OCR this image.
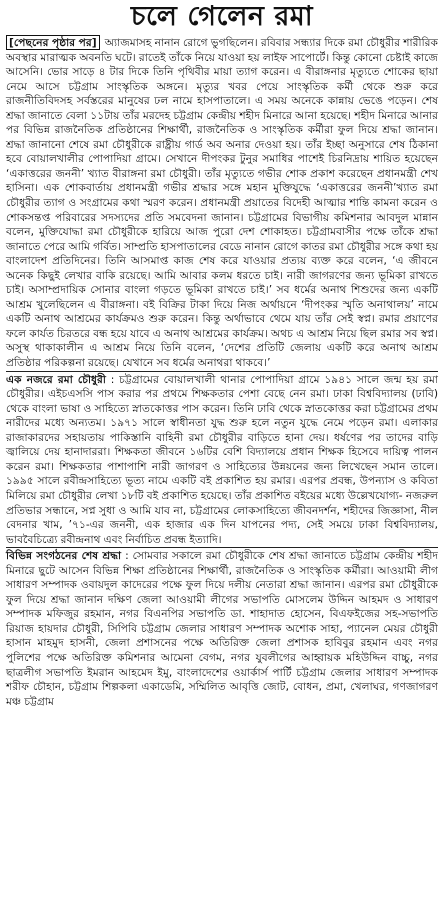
চলে গেলেন রমা

[পেছনের পৃষ্ঠার পর] অ্যাজমাসহ নানান রোগে ভুগছিলেন। রবিবার সন্ধ্যার দিকে রমা চৌধুরীর শারীরিক অবস্থার মারাত্মক অবনতি ঘটে। রাতেই তাঁকে নিয়ে যাওয়া হয় লাইফ সাপোর্টে। কিন্তু কোনো চেষ্টাই কাজে আসেনি। ভোর সাড়ে ৪ টার দিকে তিনি পৃথিবীর মায়া ত্যাগ করেন। এ বীরাঙ্গনার মৃত্যুতে শোকের ছায়া নেমে আসে চট্টগ্রাম সাংস্কৃতিক অঙ্গনে। মৃত্যুর খবর পেয়ে সাংস্কৃতিক কর্মী থেকে শুরু করে রাজনীতিবিদসহ সর্বস্তরের মানুষের ঢল নামে হাসপাতালে। এ সময় অনেকে কান্নায় ভেঙে পড়েন। শেষ শ্রদ্ধা জানাতে বেলা ১১টায় তাঁর মরদেহ চট্টগ্রাম কেন্দ্রীয় শহীদ মিনারে আনা হয়েছে। শহীদ মিনারে আনার পর বিভিন্ন রাজনৈতিক প্রতিষ্ঠানের শিক্ষার্থী, রাজনৈতিক ও সাংস্কৃতিক কর্মীরা ফুল দিয়ে শ্রদ্ধা জানান। শ্রদ্ধা জানানো শেষে রমা চৌধুরীকে রাষ্ট্রীয় গার্ড অব অনার দেওয়া হয়। তাঁর ইচ্ছা অনুসারে শেষ ঠিকানা হবে বোয়ালখালীর পোপাদিয়া গ্রামে। সেখানে দীপংকর টুনুর সমাধির পাশেই চিরনিদ্রায় শায়িত হয়েছেন ‘একাত্তরের জননী’ খ্যাত বীরাঙ্গনা রমা চৌধুরী। তাঁর মৃত্যুতে গভীর শোক প্রকাশ করেছেন প্রধানমন্ত্রী শেখ হাসিনা। এক শোকবার্তায় প্রধানমন্ত্রী গভীর শ্রদ্ধার সঙ্গে মহান মুক্তিযুদ্ধে ‘একাত্তরের জননী’খ্যাত রমা চৌধুরীর ত্যাগ ও সংগ্রামের কথা স্মরণ করেন। প্রধানমন্ত্রী প্রয়াতের বিদেহী আত্মার শান্তি কামনা করেন ও শোকসন্তপ্ত পরিবারের সদস্যদের প্রতি সমবেদনা জানান। চট্টগ্রামের বিভাগীয় কমিশনার আবদুল মান্নান বলেন, মুক্তিযোদ্ধা রমা চৌধুরীকে হারিয়ে আজ পুরো দেশ শোকাহত। চট্টগ্রামবাসীর পক্ষে তাঁকে শ্রদ্ধা জানাতে পেরে আমি গর্বিত। সাম্প্রতি হাসপাতালের বেডে নানান রোগে কাতর রমা চৌধুরীর সঙ্গে কথা হয় বাংলাদেশ প্রতিদিনের। তিনি আসমাপ্ত কাজ শেষ করে যাওয়ার প্রত্যয় ব্যক্ত করে বলেন, ‘এ জীবনে অনেক কিছুই লেখার বাকি রয়েছে। আমি আবার কলম ধরতে চাই। নারী জাগরণের জন্য ভূমিকা রাখতে চাই। অসাম্প্রদায়িক সোনার বাংলা গড়তে ভূমিকা রাখতে চাই।’ সব ধর্মের অনাথ শিশুদের জন্য একটি আশ্রম খুলেছিলেন এ বীরাঙ্গনা। বই বিক্রির টাকা দিয়ে নিজ অর্থায়নে ‘দীপংকর স্মৃতি অনাথালয়’ নামে একটি অনাথ আশ্রমের কার্যক্রমও শুরু করেন। কিন্তু অর্থাভাবে থেমে যায় তাঁর সেই স্বপ্ন। রমার প্রয়াণের ফলে কার্যত চিরতরে বন্ধ হয়ে যাবে এ অনাথ আশ্রমের কার্যক্রম। অথচ এ আশ্রম নিয়ে ছিল রমার সব স্বপ্ন। অসুস্থ থাকাকালীন এ আশ্রম নিয়ে তিনি বলেন, ‘দেশের প্রতিটি জেলায় একটি করে অনাথ আশ্রম প্রতিষ্ঠার পরিকল্পনা রয়েছে। যেখানে সব ধর্মের অনাথরা থাকবে।’

এক নজরে রমা চৌধুরী : চট্টগ্রামের বোয়ালখালী থানার পোপাদিয়া গ্রামে ১৯৪১ সালে জন্ম হয় রমা চৌধুরীর। এইচএসসি পাস করার পর প্রথমে শিক্ষকতার পেশা বেছে নেন রমা। ঢাকা বিশ্ববিদ্যালয় (ঢাবি) থেকে বাংলা ভাষা ও সাহিত্যে স্নাতকোত্তর পাস করেন। তিনি ঢাবি থেকে স্নাতকোত্তর করা চট্টগ্রামের প্রথম নারীদের মধ্যে অন্যতম। ১৯৭১ সালে স্বাধীনতা যুদ্ধ শুরু হলে নতুন যুদ্ধে নেমে পড়েন রমা। এলাকার রাজাকারদের সহায়তায় পাকিস্তানি বাহিনী রমা চৌধুরীর বাড়িতে হানা দেয়। ধর্ষণের পর তাদের বাড়ি জ্বালিয়ে দেয় হানাদাররা। শিক্ষকতা জীবনে ১৬টির বেশি বিদ্যালয়ে প্রধান শিক্ষক হিসেবে দায়িত্ব পালন করেন রমা। শিক্ষকতার পাশাপাশি নারী জাগরণ ও সাহিত্যের উন্নয়নের জন্য লিখেছেন সমান তালে। ১৯৯৫ সালে রবীন্দ্রসাহিত্যে ভূত্য নামে একটি বই প্রকাশিত হয় রমার। এরপর প্রবন্ধ, উপন্যাস ও কবিতা মিলিয়ে রমা চৌধুরীর লেখা ১৮টি বই প্রকাশিত হয়েছে। তাঁর প্রকাশিত বইয়ের মধ্যে উল্লেখযোগ্য- নজরুল প্রতিভার সন্ধানে, সপ্ন সুধা ও আমি যাব না, চট্টগ্রামের লোকসাহিত্যে জীবনদর্শন, শহীদের জিজ্ঞাসা, নীল বেদনার খাম, ’৭১-এর জননী, এক হাজার এক দিন যাপনের পদ্য, সেই সময়ে ঢাকা বিশ্ববিদ্যালয়, ভাববৈচিত্র্যে রবীন্দ্রনাথ এবং নির্বাচিত প্রবন্ধ ইত্যাদি।

বিভিন্ন সংগঠনের শেষ শ্রদ্ধা : সোমবার সকালে রমা চৌধুরীকে শেষ শ্রদ্ধা জানাতে চট্টগ্রাম কেন্দ্রীয় শহীদ মিনারে ছুটে আসেন বিভিন্ন শিক্ষা প্রতিষ্ঠানের শিক্ষার্থী, রাজনৈতিক ও সাংস্কৃতিক কর্মীরা। আওয়ামী লীগ সাধারণ সম্পাদক ওবায়দুল কাদেরের পক্ষে ফুল দিয়ে দলীয় নেতারা শ্রদ্ধা জানান। এরপর রমা চৌধুরীকে ফুল দিয়ে শ্রদ্ধা জানান দক্ষিণ জেলা আওয়ামী লীগের সভাপতি মোসলেম উদ্দিন আহমদ ও সাধারণ সম্পাদক মফিজুর রহমান, নগর বিএনপির সভাপতি ডা. শাহাদাত হোসেন, বিএফইজের সহ-সভাপতি রিয়াজ হায়দার চৌধুরী, সিপিবি চট্টগ্রাম জেলার সাধারণ সম্পাদক অশোক সাহা, প্যানেল মেয়র চৌধুরী হাসান মাহমুদ হাসনী, জেলা প্রশাসনের পক্ষে অতিরিক্ত জেলা প্রশাসক হাবিবুর রহমান এবং নগর পুলিশের পক্ষে অতিরিক্ত কমিশনার আমেনা বেগম, নগর যুবলীগের আহ্বায়ক মহিউদ্দিন বাচ্চু, নগর ছাত্রলীগ সভাপতি ইমরান আহমেদ ইমু, বাংলাদেশের ওয়ার্কার্স পার্টি চট্টগ্রাম জেলার সাধারণ সম্পাদক শরীফ চৌহান, চট্টগ্রাম শিল্পকলা একাডেমি, সম্মিলিত আবৃত্তি জোট, বোধন, প্রমা, খেলাঘর, গণজাগরণ মঞ্চ চট্টগ্রাম
